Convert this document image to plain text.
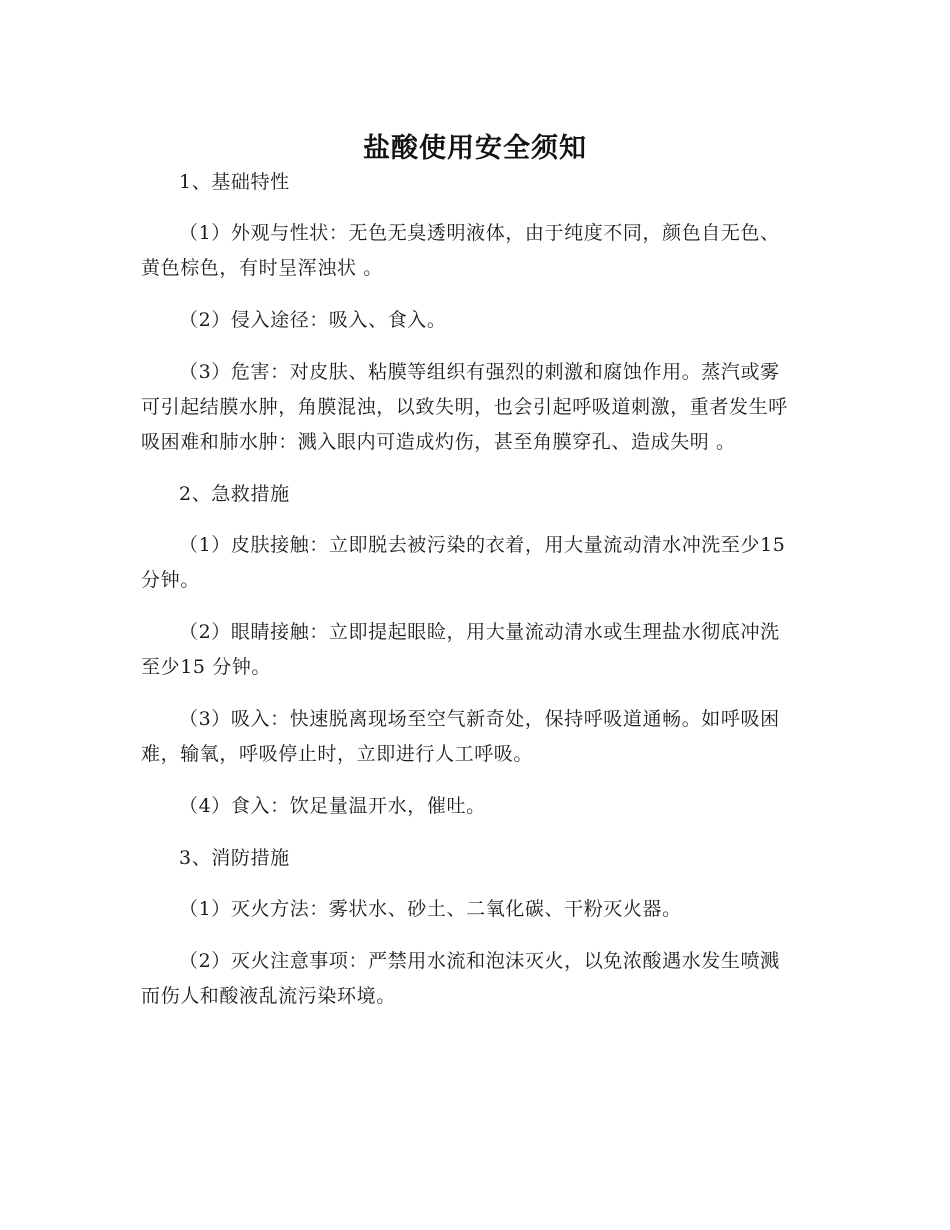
盐酸使用安全须知

1、基础特性

（1）外观与性状：无色无臭透明液体，由于纯度不同，颜色自无色、黄色棕色，有时呈浑浊状 。

（2）侵入途径：吸入、食入。

（3）危害：对皮肤、粘膜等组织有强烈的刺激和腐蚀作用。蒸汽或雾可引起结膜水肿，角膜混浊，以致失明，也会引起呼吸道刺激，重者发生呼吸困难和肺水肿：溅入眼内可造成灼伤，甚至角膜穿孔、造成失明 。

2、急救措施

（1）皮肤接触：立即脱去被污染的衣着，用大量流动清水冲洗至少15分钟。

（2）眼睛接触：立即提起眼睑，用大量流动清水或生理盐水彻底冲洗至少15 分钟。

（3）吸入：快速脱离现场至空气新奇处，保持呼吸道通畅。如呼吸困难，输氧，呼吸停止时，立即进行人工呼吸。

（4）食入：饮足量温开水，催吐。

3、消防措施

（1）灭火方法：雾状水、砂土、二氧化碳、干粉灭火器。

（2）灭火注意事项：严禁用水流和泡沫灭火，以免浓酸遇水发生喷溅而伤人和酸液乱流污染环境。
